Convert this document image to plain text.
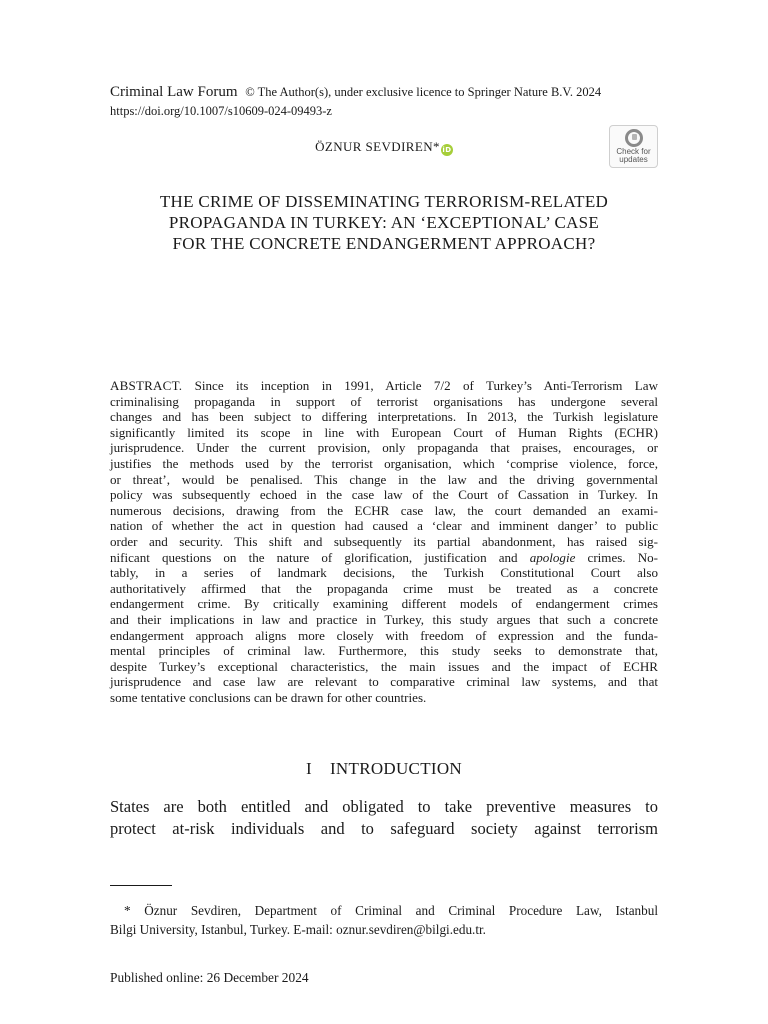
Criminal Law Forum © The Author(s), under exclusive licence to Springer Nature B.V. 2024
https://doi.org/10.1007/s10609-024-09493-z
ÖZNUR SEVDIREN* iD	Check for
updates
THE CRIME OF DISSEMINATING TERRORISM-RELATED
PROPAGANDA IN TURKEY: AN ‘EXCEPTIONAL’ CASE
FOR THE CONCRETE ENDANGERMENT APPROACH?
ABSTRACT. Since its inception in 1991, Article 7/2 of Turkey’s Anti-Terrorism Law
criminalising propaganda in support of terrorist organisations has undergone several
changes and has been subject to differing interpretations. In 2013, the Turkish legislature
significantly limited its scope in line with European Court of Human Rights (ECHR)
jurisprudence. Under the current provision, only propaganda that praises, encourages, or
justifies the methods used by the terrorist organisation, which ‘comprise violence, force,
or threat’, would be penalised. This change in the law and the driving governmental
policy was subsequently echoed in the case law of the Court of Cassation in Turkey. In
numerous decisions, drawing from the ECHR case law, the court demanded an exami-
nation of whether the act in question had caused a ‘clear and imminent danger’ to public
order and security. This shift and subsequently its partial abandonment, has raised sig-
nificant questions on the nature of glorification, justification and apologie crimes. No-
tably, in a series of landmark decisions, the Turkish Constitutional Court also
authoritatively affirmed that the propaganda crime must be treated as a concrete
endangerment crime. By critically examining different models of endangerment crimes
and their implications in law and practice in Turkey, this study argues that such a concrete
endangerment approach aligns more closely with freedom of expression and the funda-
mental principles of criminal law. Furthermore, this study seeks to demonstrate that,
despite Turkey’s exceptional characteristics, the main issues and the impact of ECHR
jurisprudence and case law are relevant to comparative criminal law systems, and that
some tentative conclusions can be drawn for other countries.
I INTRODUCTION
States are both entitled and obligated to take preventive measures to
protect at-risk individuals and to safeguard society against terrorism
* Öznur Sevdiren, Department of Criminal and Criminal Procedure Law, Istanbul
Bilgi University, Istanbul, Turkey. E-mail: oznur.sevdiren@bilgi.edu.tr.
Published online: 26 December 2024
